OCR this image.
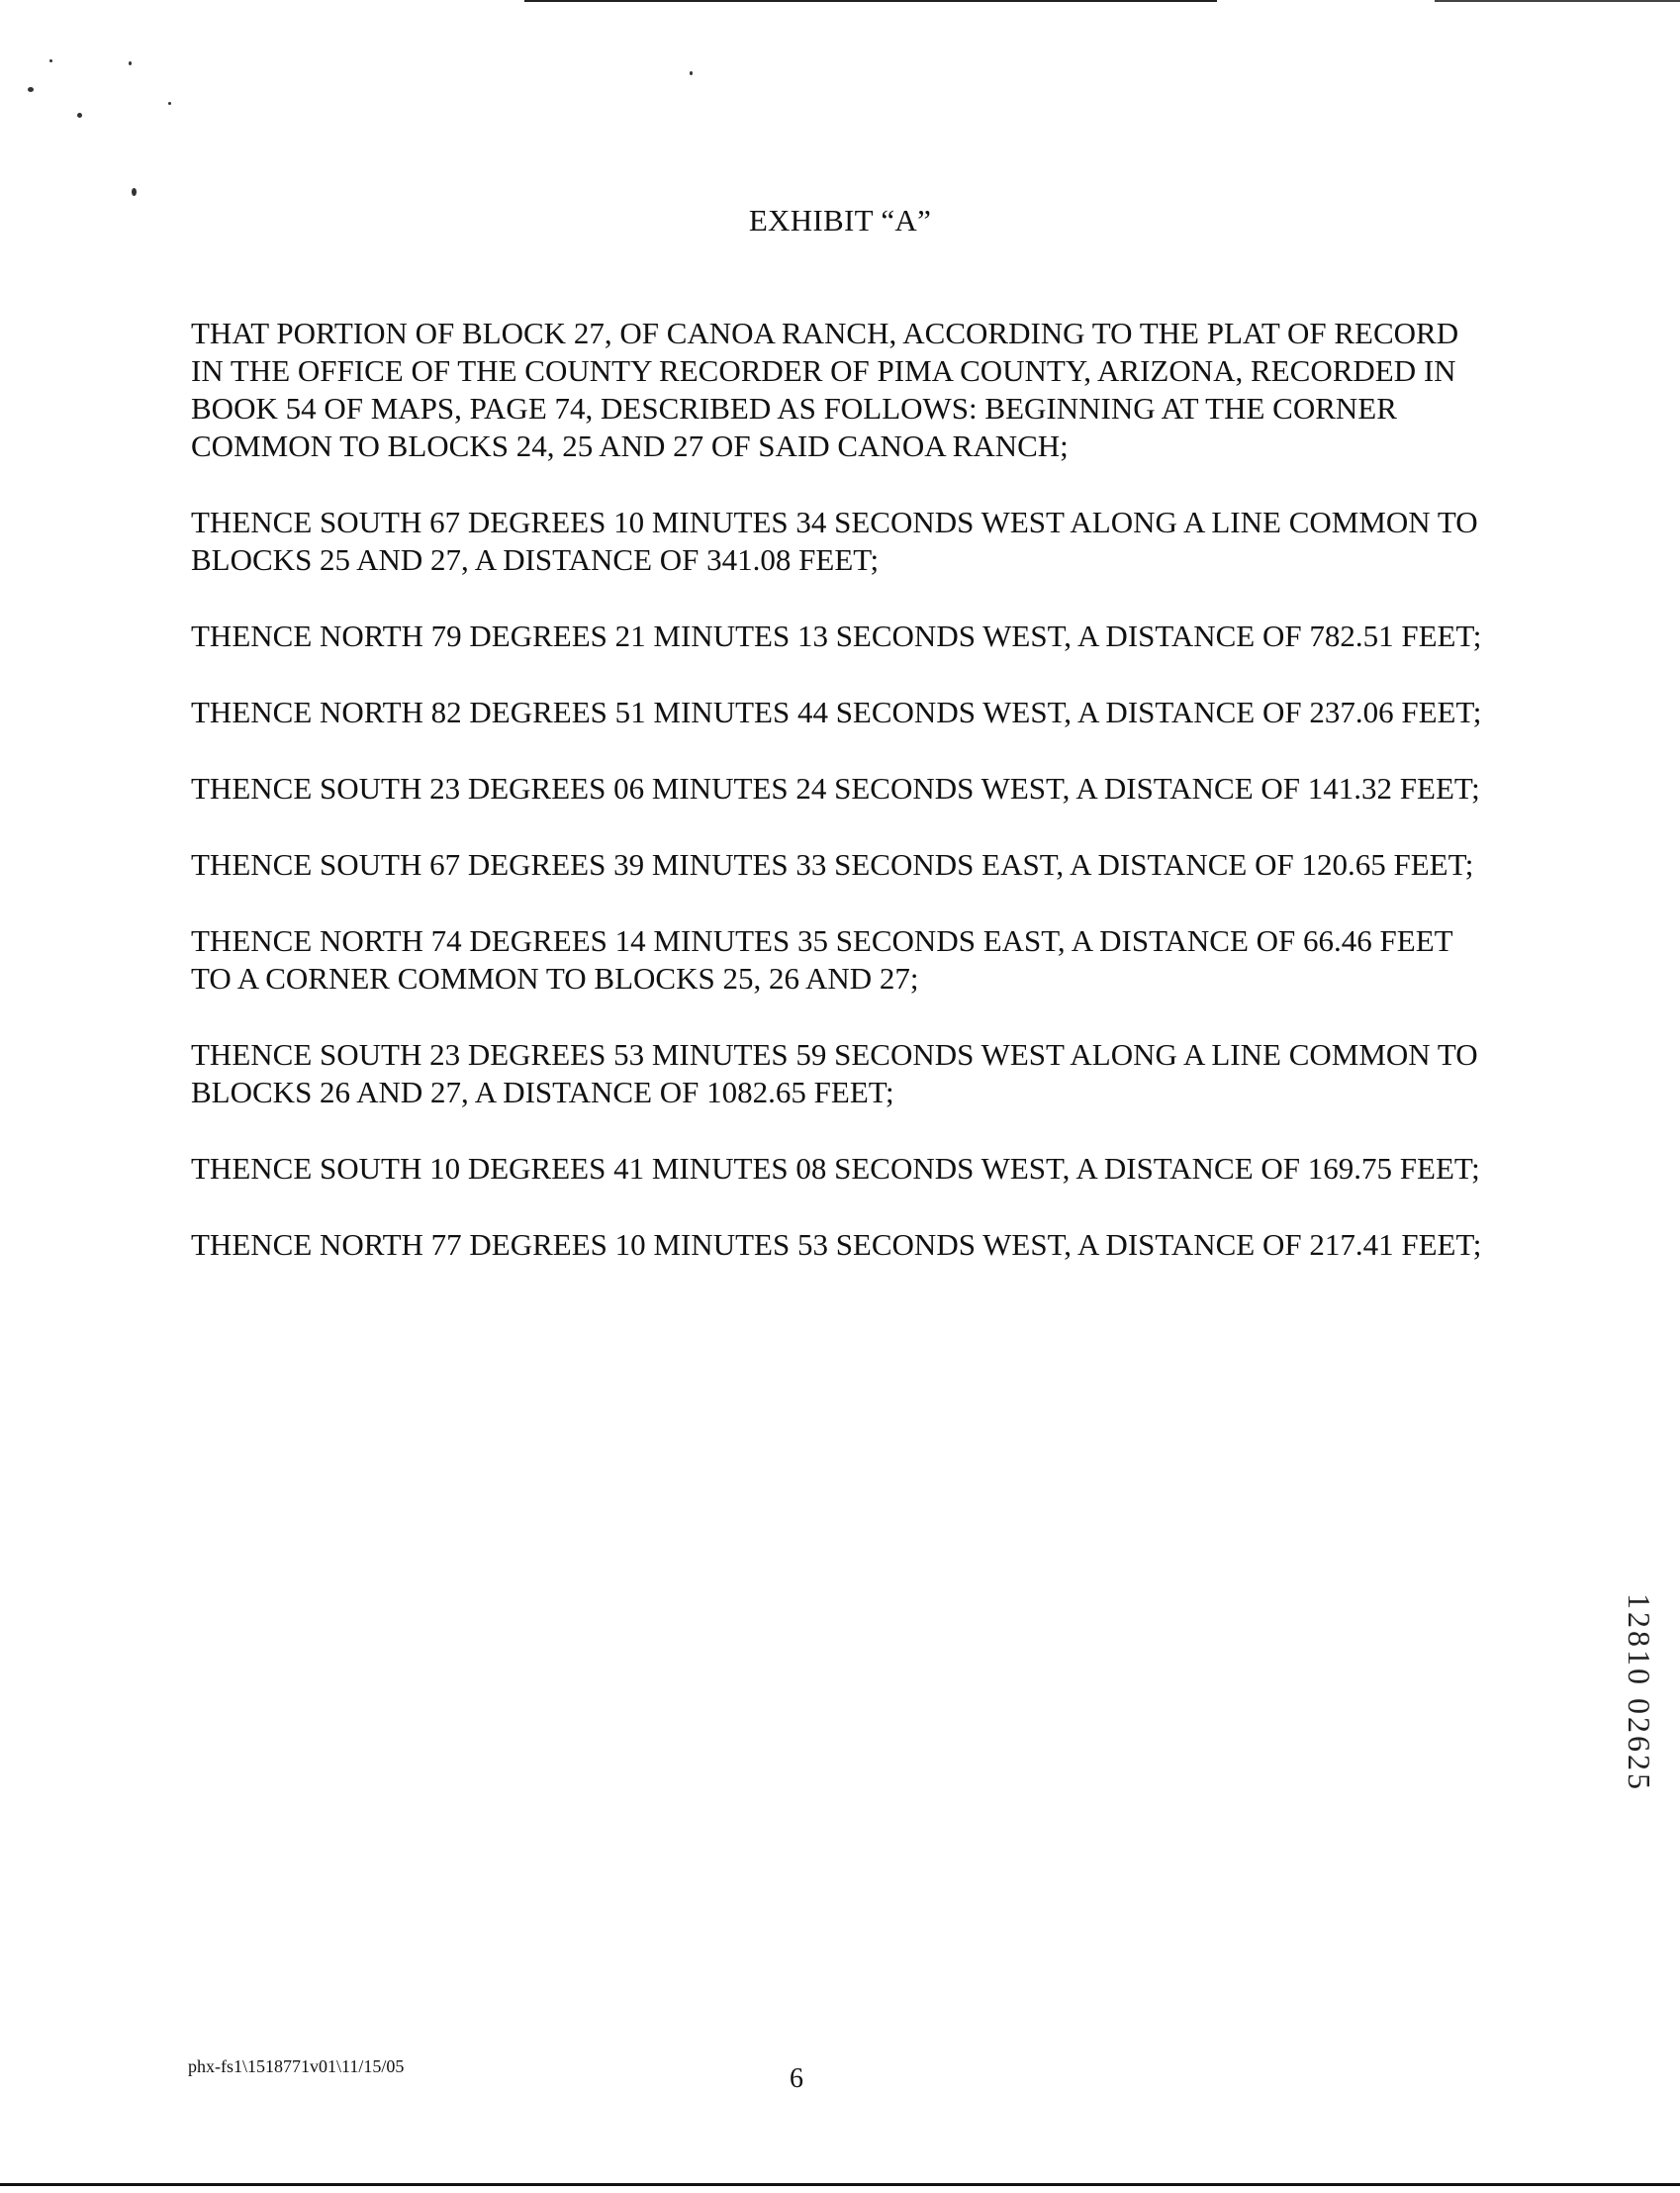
EXHIBIT “A”

THAT PORTION OF BLOCK 27, OF CANOA RANCH, ACCORDING TO THE PLAT OF RECORD IN THE OFFICE OF THE COUNTY RECORDER OF PIMA COUNTY, ARIZONA, RECORDED IN BOOK 54 OF MAPS, PAGE 74, DESCRIBED AS FOLLOWS: BEGINNING AT THE CORNER COMMON TO BLOCKS 24, 25 AND 27 OF SAID CANOA RANCH;

THENCE SOUTH 67 DEGREES 10 MINUTES 34 SECONDS WEST ALONG A LINE COMMON TO BLOCKS 25 AND 27, A DISTANCE OF 341.08 FEET;

THENCE NORTH 79 DEGREES 21 MINUTES 13 SECONDS WEST, A DISTANCE OF 782.51 FEET;

THENCE NORTH 82 DEGREES 51 MINUTES 44 SECONDS WEST, A DISTANCE OF 237.06 FEET;

THENCE SOUTH 23 DEGREES 06 MINUTES 24 SECONDS WEST, A DISTANCE OF 141.32 FEET;

THENCE SOUTH 67 DEGREES 39 MINUTES 33 SECONDS EAST, A DISTANCE OF 120.65 FEET;

THENCE NORTH 74 DEGREES 14 MINUTES 35 SECONDS EAST, A DISTANCE OF 66.46 FEET TO A CORNER COMMON TO BLOCKS 25, 26 AND 27;

THENCE SOUTH 23 DEGREES 53 MINUTES 59 SECONDS WEST ALONG A LINE COMMON TO BLOCKS 26 AND 27, A DISTANCE OF 1082.65 FEET;

THENCE SOUTH 10 DEGREES 41 MINUTES 08 SECONDS WEST, A DISTANCE OF 169.75 FEET;

THENCE NORTH 77 DEGREES 10 MINUTES 53 SECONDS WEST, A DISTANCE OF 217.41 FEET;

12810 02625
phx-fs1\1518771v01\11/15/05	6
